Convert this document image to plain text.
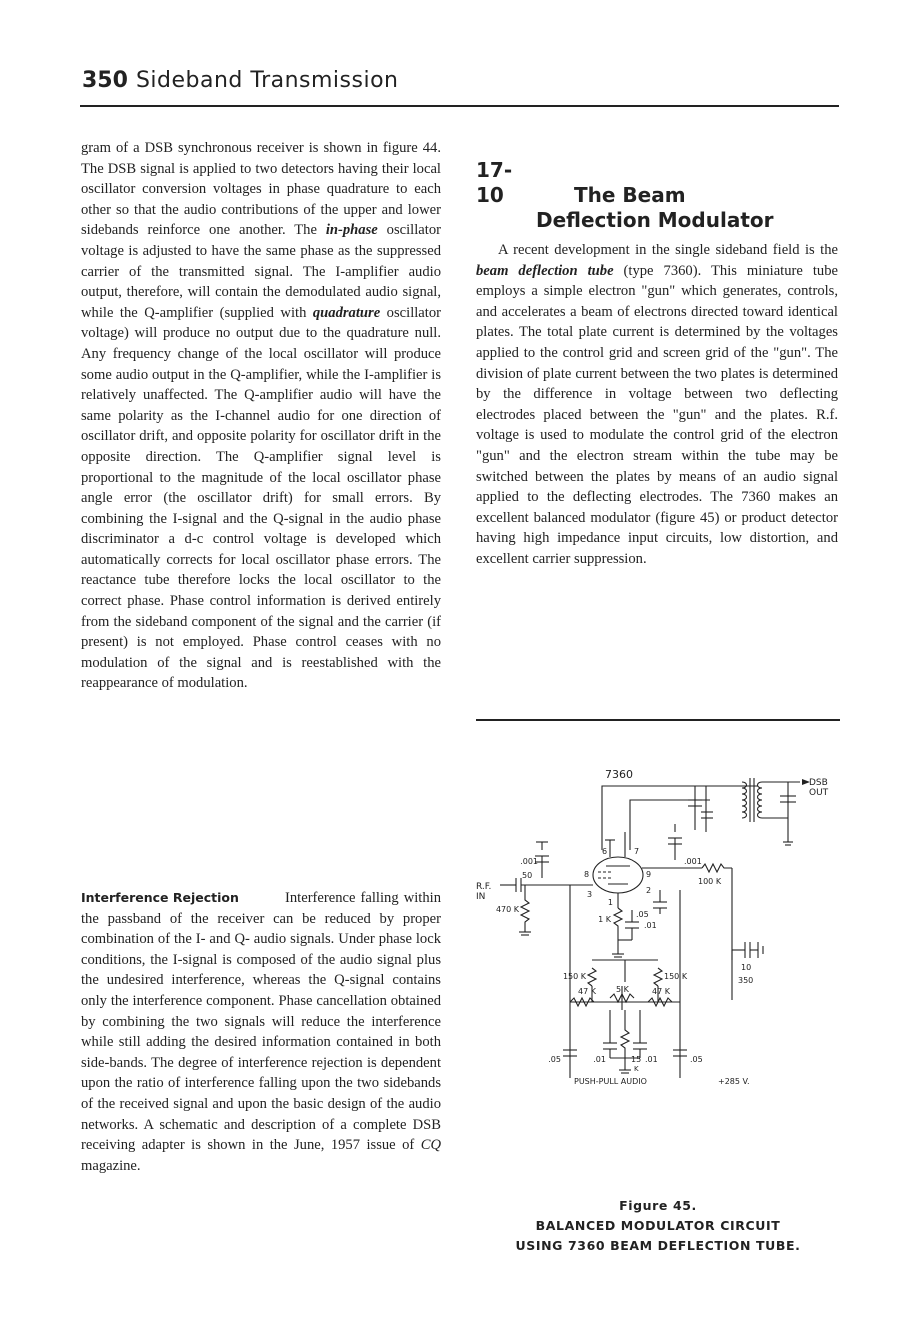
350 Sideband Transmission

gram of a DSB synchronous receiver is shown in figure 44. The DSB signal is applied to two detectors having their local oscillator conversion voltages in phase quadrature to each other so that the audio contributions of the upper and lower sidebands reinforce one another. The in-phase oscillator voltage is adjusted to have the same phase as the suppressed carrier of the transmitted signal. The I-amplifier audio output, therefore, will contain the demodulated audio signal, while the Q-amplifier (supplied with quadrature oscillator voltage) will produce no output due to the quadrature null. Any frequency change of the local oscillator will produce some audio output in the Q-amplifier, while the I-amplifier is relatively unaffected. The Q-amplifier audio will have the same polarity as the I-channel audio for one direction of oscillator drift, and opposite polarity for oscillator drift in the opposite direction. The Q-amplifier signal level is proportional to the magnitude of the local oscillator phase angle error (the oscillator drift) for small errors. By combining the I-signal and the Q-signal in the audio phase discriminator a d-c control voltage is developed which automatically corrects for local oscillator phase errors. The reactance tube therefore locks the local oscillator to the correct phase. Phase control information is derived entirely from the sideband component of the signal and the carrier (if present) is not employed. Phase control ceases with no modulation of the signal and is reestablished with the reappearance of modulation.

Interference Rejection	Interference falling within the passband of the receiver can be reduced by proper combination of the I- and Q- audio signals. Under phase lock conditions, the I-signal is composed of the audio signal plus the undesired interference, whereas the Q-signal contains only the interference component. Phase cancellation obtained by combining the two signals will reduce the interference while still adding the desired information contained in both side-bands. The degree of interference rejection is dependent upon the ratio of interference falling upon the two sidebands of the received signal and upon the basic design of the audio networks. A schematic and description of a complete DSB receiving adapter is shown in the June, 1957 issue of CQ magazine.

17-10	The Beam
Deflection Modulator

A recent development in the single sideband field is the beam deflection tube (type 7360). This miniature tube employs a simple electron "gun" which generates, controls, and accelerates a beam of electrons directed toward identical plates. The total plate current is determined by the voltages applied to the control grid and screen grid of the "gun". The division of plate current between the two plates is determined by the difference in voltage between two deflecting electrodes placed between the "gun" and the plates. R.f. voltage is used to modulate the control grid of the electron "gun" and the electron stream within the tube may be switched between the plates by means of an audio signal applied to the deflecting electrodes. The 7360 makes an excellent balanced modulator (figure 45) or product detector having high impedance input circuits, low distortion, and excellent carrier suppression.

7360
DSB
OUT
R.F.
IN
.001	.001
50
470 K
8
6	7
9
3	2
1
.05
100 K
1 K
.01
150 K	150 K
47 K	5 K	47 K
10
350
.05	.01	15
K
.01	.05
PUSH-PULL AUDIO	+285 V.
Figure 45.
BALANCED MODULATOR CIRCUIT
USING 7360 BEAM DEFLECTION TUBE.
